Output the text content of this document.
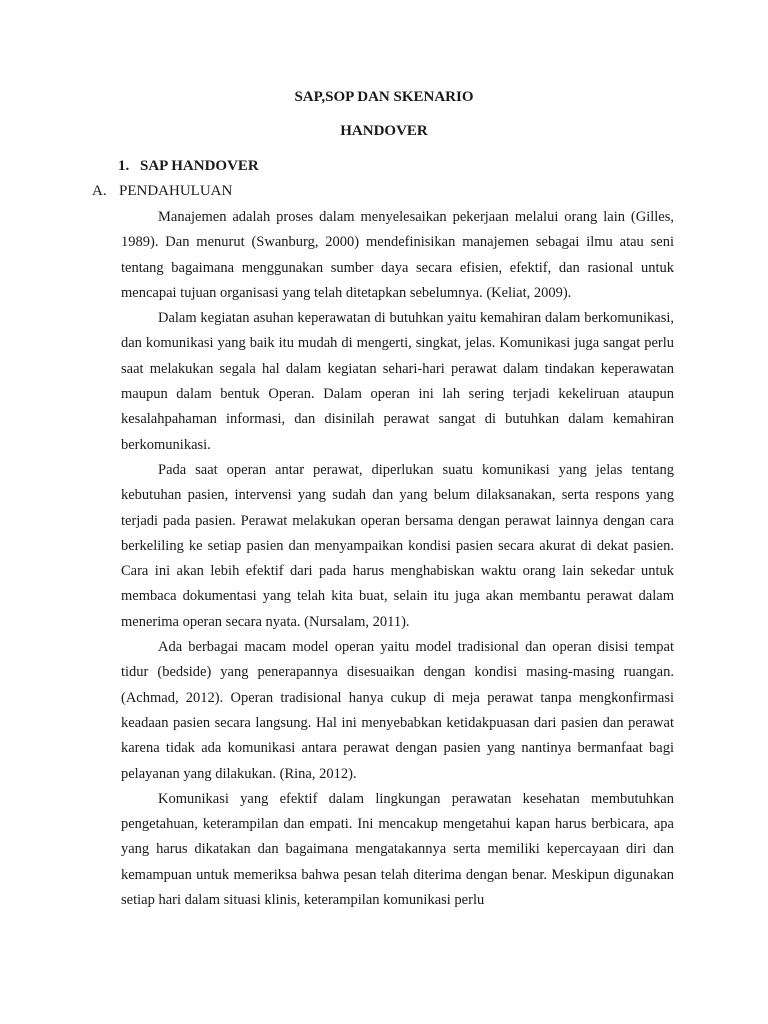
SAP,SOP DAN SKENARIO
HANDOVER
1. SAP HANDOVER
A. PENDAHULUAN

Manajemen adalah proses dalam menyelesaikan pekerjaan melalui orang lain (Gilles, 1989). Dan menurut (Swanburg, 2000) mendefinisikan manajemen sebagai ilmu atau seni tentang bagaimana menggunakan sumber daya secara efisien, efektif, dan rasional untuk mencapai tujuan organisasi yang telah ditetapkan sebelumnya. (Keliat, 2009).

Dalam kegiatan asuhan keperawatan di butuhkan yaitu kemahiran dalam berkomunikasi, dan komunikasi yang baik itu mudah di mengerti, singkat, jelas. Komunikasi juga sangat perlu saat melakukan segala hal dalam kegiatan sehari-hari perawat dalam tindakan keperawatan maupun dalam bentuk Operan. Dalam operan ini lah sering terjadi kekeliruan ataupun kesalahpahaman informasi, dan disinilah perawat sangat di butuhkan dalam kemahiran berkomunikasi.

Pada saat operan antar perawat, diperlukan suatu komunikasi yang jelas tentang kebutuhan pasien, intervensi yang sudah dan yang belum dilaksanakan, serta respons yang terjadi pada pasien. Perawat melakukan operan bersama dengan perawat lainnya dengan cara berkeliling ke setiap pasien dan menyampaikan kondisi pasien secara akurat di dekat pasien. Cara ini akan lebih efektif dari pada harus menghabiskan waktu orang lain sekedar untuk membaca dokumentasi yang telah kita buat, selain itu juga akan membantu perawat dalam menerima operan secara nyata. (Nursalam, 2011).

Ada berbagai macam model operan yaitu model tradisional dan operan disisi tempat tidur (bedside) yang penerapannya disesuaikan dengan kondisi masing-masing ruangan. (Achmad, 2012). Operan tradisional hanya cukup di meja perawat tanpa mengkonfirmasi keadaan pasien secara langsung. Hal ini menyebabkan ketidakpuasan dari pasien dan perawat karena tidak ada komunikasi antara perawat dengan pasien yang nantinya bermanfaat bagi pelayanan yang dilakukan. (Rina, 2012).

Komunikasi yang efektif dalam lingkungan perawatan kesehatan membutuhkan pengetahuan, keterampilan dan empati. Ini mencakup mengetahui kapan harus berbicara, apa yang harus dikatakan dan bagaimana mengatakannya serta memiliki kepercayaan diri dan kemampuan untuk memeriksa bahwa pesan telah diterima dengan benar. Meskipun digunakan setiap hari dalam situasi klinis, keterampilan komunikasi perlu
